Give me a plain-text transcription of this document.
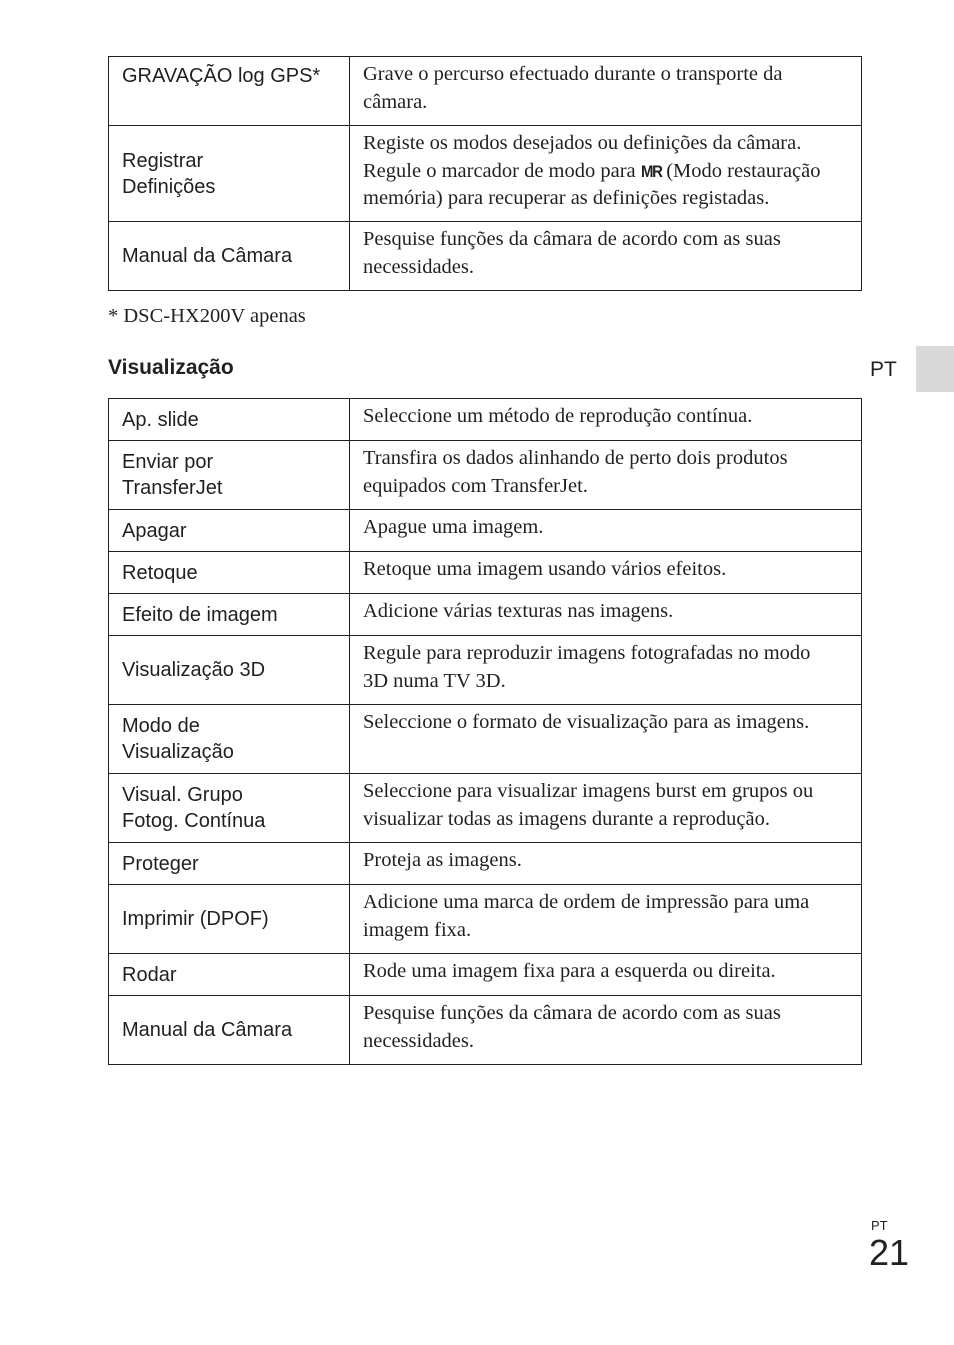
GRAVAÇÃO log GPS*	Grave o percurso efectuado durante o transporte da
câmara.
Registrar
Definições	Registe os modos desejados ou definições da câmara.
Regule o marcador de modo para MR (Modo restauração
memória) para recuperar as definições registadas.
Manual da Câmara	Pesquise funções da câmara de acordo com as suas
necessidades.
* DSC-HX200V apenas
Visualização	PT
Ap. slide	Seleccione um método de reprodução contínua.
Enviar por
TransferJet	Transfira os dados alinhando de perto dois produtos
equipados com TransferJet.
Apagar	Apague uma imagem.
Retoque	Retoque uma imagem usando vários efeitos.
Efeito de imagem	Adicione várias texturas nas imagens.
Visualização 3D	Regule para reproduzir imagens fotografadas no modo
3D numa TV 3D.
Modo de
Visualização	Seleccione o formato de visualização para as imagens.
Visual. Grupo
Fotog. Contínua	Seleccione para visualizar imagens burst em grupos ou
visualizar todas as imagens durante a reprodução.
Proteger	Proteja as imagens.
Imprimir (DPOF)	Adicione uma marca de ordem de impressão para uma
imagem fixa.
Rodar	Rode uma imagem fixa para a esquerda ou direita.
Manual da Câmara	Pesquise funções da câmara de acordo com as suas
necessidades.
PT
21
